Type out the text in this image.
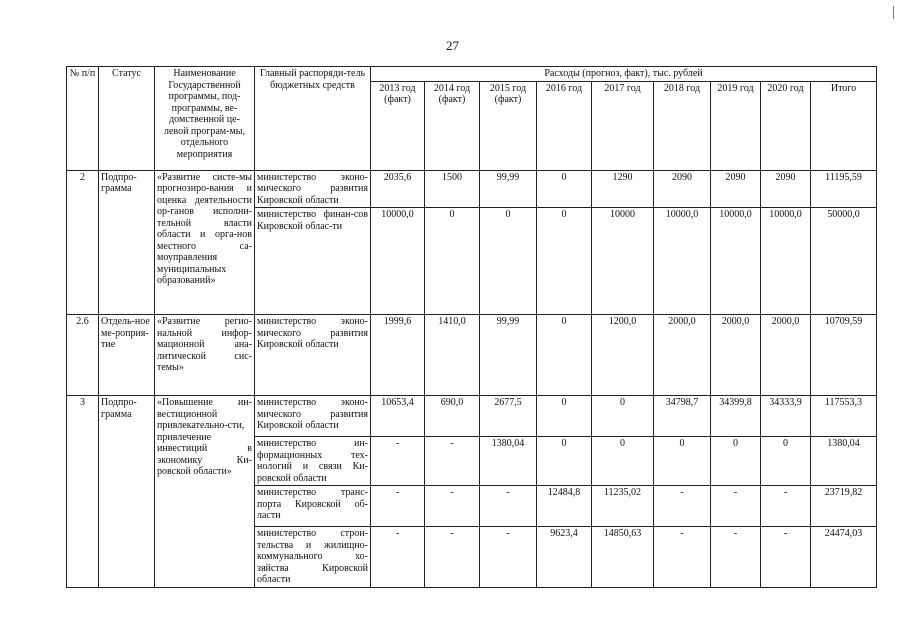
27
№ п/п	Статус	Наименование Государственной программы, под-программы, ве-домственной це-левой програм-мы, отдельного мероприятия	Главный распоряди-тель бюджетных средств	Расходы (прогноз, факт), тыс. рублей								
				2013 год (факт)	2014 год (факт)	2015 год (факт)	2016 год	2017 год	2018 год	2019 год	2020 год	Итого
2	Подпро-грамма	«Развитие систе-мы прогнозиро-вания и оценка деятельности ор-ганов исполни-тельной власти области и орга-нов местного са-моуправления муниципальных образований»	министерство эконо-мического развития Кировской области	2035,6	1500	99,99	0	1290	2090	2090	2090	11195,59
			министерство финан-сов Кировской облас-ти	10000,0	0	0	0	10000	10000,0	10000,0	10000,0	50000,0
2.6	Отдель-ное ме-роприя-тие	«Развитие регио-нальной инфор-мационной ана-литической сис-темы»	министерство эконо-мического развития Кировской области	1999,6	1410,0	99,99	0	1200,0	2000,0	2000,0	2000,0	10709,59
3	Подпро-грамма	«Повышение ин-вестиционной привлекательно-сти, привлечение инвестиций в экономику Ки-ровской области»	министерство эконо-мического развития Кировской области	10653,4	690,0	2677,5	0	0	34798,7	34399,8	34333,9	117553,3
			министерство ин-формационных тех-нологий и связи Ки-ровской области	-	-	1380,04	0	0	0	0	0	1380,04
			министерство транс-порта Кировской об-ласти	-	-	-	12484,8	11235,02	-	-	-	23719,82
			министерство строи-тельства и жилищно-коммунального хо-зяйства Кировской области	-	-	-	9623,4	14850,63	-	-	-	24474,03
